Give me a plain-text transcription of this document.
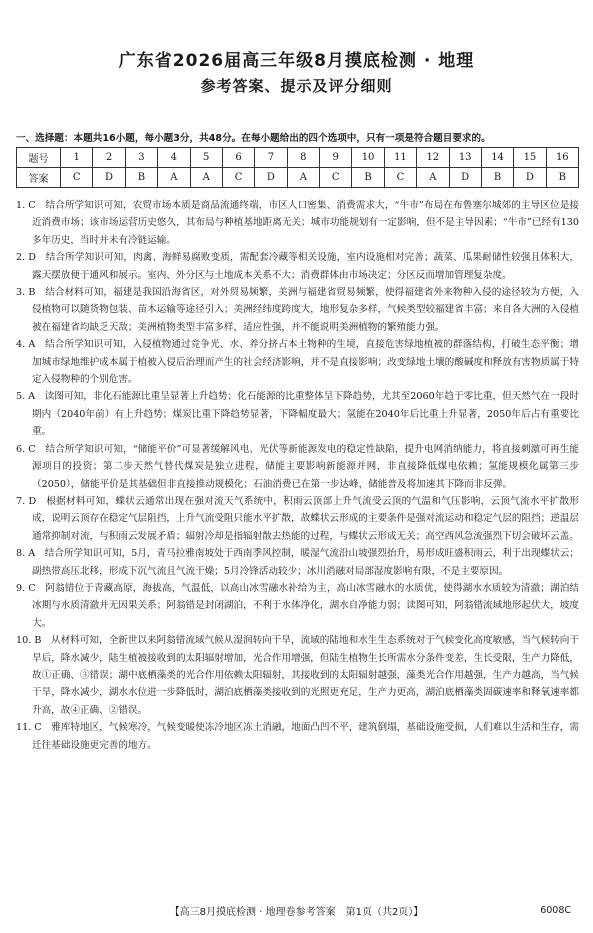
广东省2026届高三年级8月摸底检测 · 地理
参考答案、提示及评分细则
一、选择题：本题共16小题，每小题3分，共48分。在每小题给出的四个选项中，只有一项是符合题目要求的。
题号	1	2	3	4	5	6	7	8	9	10	11	12	13	14	15	16
答案	C	D	B	A	A	C	D	A	C	B	C	A	D	B	D	B

1. C　结合所学知识可知，农贸市场本质是商品流通终端，市区人口密集、消费需求大，“牛市”布局在布鲁塞尔城郊的主导区位是接近消费市场；该市场运营历史悠久，其布局与种植基地距离无关；城市功能规划有一定影响，但不是主导因素；“牛市”已经有130多年历史，当时并未有冷链运输。

2. D　结合所学知识可知，肉禽、海鲜易腐败变质，需配套冷藏等相关设施，室内设施相对完善；蔬菜、瓜果耐储性较强且体积大，露天摆放便于通风和展示。室内、外分区与土地成本关系不大；消费群体由市场决定；分区反而增加管理复杂度。

3. B　结合材料可知，福建是我国沿海省区，对外贸易频繁，美洲与福建省贸易频繁，使得福建省外来物种入侵的途径较为方便，入侵植物可以随货物包装、苗木运输等途径引入；美洲经纬度跨度大，地形复杂多样，气候类型较福建省丰富；来自各大洲的入侵植被在福建省均缺乏天敌；美洲植物类型丰富多样，适应性强，并不能说明美洲植物的繁殖能力强。

4. A　结合所学知识可知，入侵植物通过竞争光、水、养分挤占本土物种的生境，直接危害绿地植被的群落结构，打破生态平衡；增加城市绿地维护成本属于植被入侵后治理而产生的社会经济影响，并不是直接影响；改变绿地土壤的酸碱度和释放有害物质属于特定入侵物种的个别危害。

5. A　读图可知，非化石能源比重呈显著上升趋势；化石能源的比重整体呈下降趋势，尤其至2060年趋于零比重，但天然气在一段时期内（2040年前）有上升趋势；煤炭比重下降趋势显著，下降幅度最大；氢能在2040年后比重上升显著，2050年后占有重要比重。

6. C　结合所学知识可知，“储能平价”可显著缓解风电、光伏等新能源发电的稳定性缺陷，提升电网消纳能力，将直接刺激可再生能源项目的投资；第二步天然气替代煤炭是独立进程，储能主要影响新能源并网，非直接降低煤电依赖；氢能规模化属第三步（2050），储能平价是其基础但非直接推动规模化；石油消费已在第一步达峰，储能普及将加速其下降而非反弹。

7. D　根据材料可知，蝶状云通常出现在强对流天气系统中，积雨云顶部上升气流受云顶的气温和气压影响，云顶气流水平扩散形成，说明云顶存在稳定气层阻挡，上升气流受阻只能水平扩散，故蝶状云形成的主要条件是强对流运动和稳定气层的阻挡；逆温层通常抑制对流，与积雨云发展矛盾；辐射冷却是指辐射散去热能的过程，与蝶状云形成无关；高空西风急流强烈下切会破坏云盖。

8. A　结合所学知识可知，5月，青马拉雅南坡处于西南季风控制，暖湿气流沿山坡强烈抬升，易形成旺盛积雨云，利于出现蝶状云；副热带高压北移，形成下沉气流且气流干燥；5月冷锋活动较少；冰川消融对局部湿度影响有限，不是主要原因。

9. C　阿翁错位于青藏高原，海拔高，气温低，以高山冰雪融水补给为主，高山冰雪融水的水质优，使得湖水水质较为清澈；湖泊结冰期与水质清澈并无因果关系；阿翁错是封闭湖泊，不利于水体净化，湖水自净能力弱；读图可知，阿翁错流域地形起伏大，坡度大。

10. B　从材料可知，全新世以来阿翁错流域气候从湿润转向干旱，流域的陆地和水生生态系统对于气候变化高度敏感，当气候转向干旱后，降水减少，陆生植被接收到的太阳辐射增加，光合作用增强，但陆生植物生长所需水分条件变差，生长受限，生产力降低，故①正确、③错误；湖中底栖藻类的光合作用依赖太阳辐射，其接收到的太阳辐射越强，藻类光合作用越强，生产力越高，当气候干旱，降水减少，湖水水位进一步降低时，湖泊底栖藻类接收到的光照更充足，生产力更高，湖泊底栖藻类固碳速率和释氧速率都升高，故④正确、②错误。

11. C　雅库特地区，气候寒冷，气候变暖使冻冷地区冻土消融，地面凸凹不平，建筑倒塌，基础设施受损，人们难以生活和生存，需迁往基础设施更完善的地方。

【高三8月摸底检测 · 地理卷参考答案　第1页（共2页）】	6008C
